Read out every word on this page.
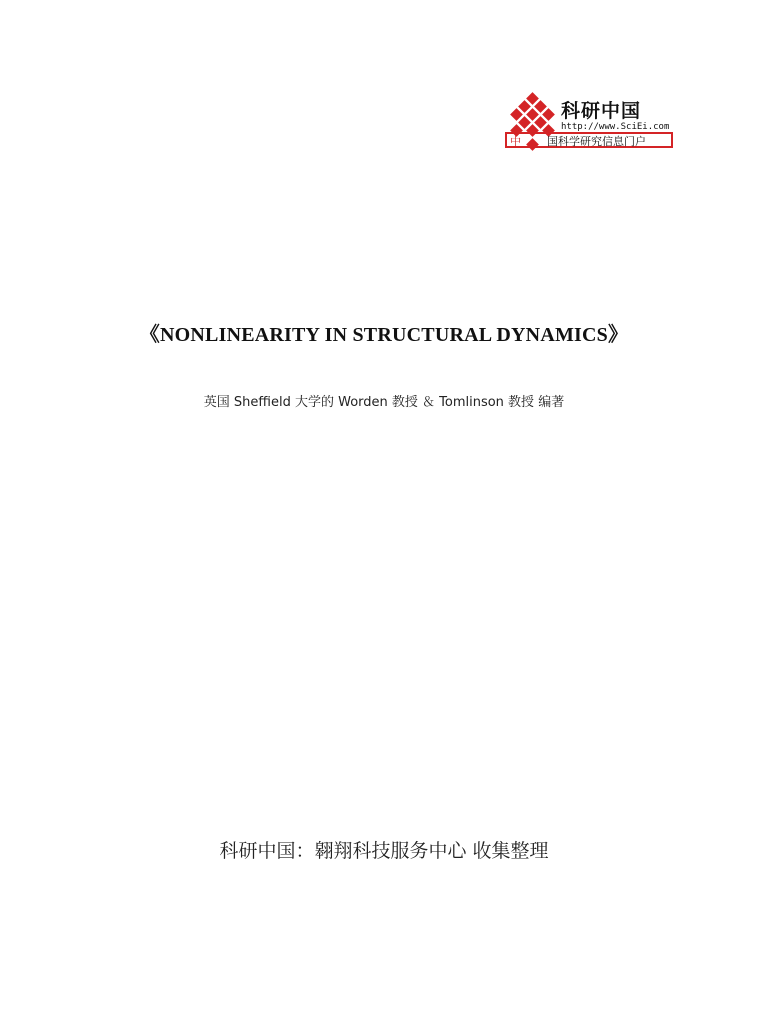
科研中国
http://www.SciEi.com
中 国科学研究信息门户
《NONLINEARITY IN STRUCTURAL DYNAMICS》
英国 Sheffield 大学的 Worden 教授 ＆ Tomlinson 教授 编著
科研中国：翱翔科技服务中心 收集整理
